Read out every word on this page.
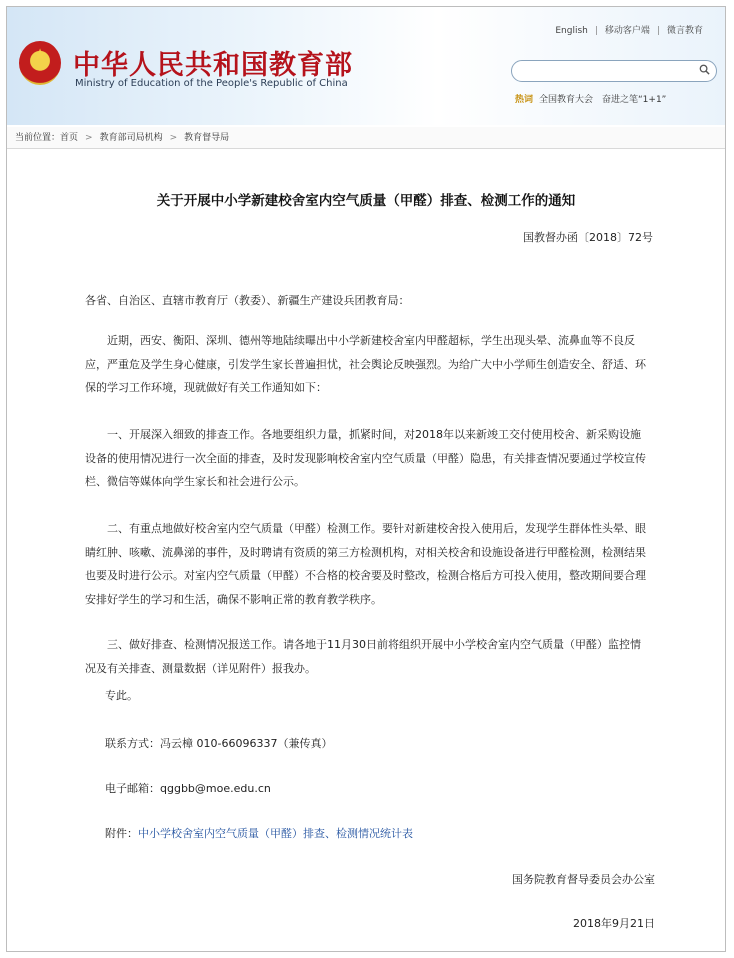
★
中华人民共和国教育部
Ministry of Education of the People's Republic of China
English | 移动客户端 | 微言教育
热词 全国教育大会　奋进之笔“1+1”
当前位置：首页 > 教育部司局机构 > 教育督导局
关于开展中小学新建校舍室内空气质量（甲醛）排查、检测工作的通知
国教督办函〔2018〕72号

各省、自治区、直辖市教育厅（教委）、新疆生产建设兵团教育局：

近期，西安、衡阳、深圳、德州等地陆续曝出中小学新建校舍室内甲醛超标，学生出现头晕、流鼻血等不良反应，严重危及学生身心健康，引发学生家长普遍担忧，社会舆论反映强烈。为给广大中小学师生创造安全、舒适、环保的学习工作环境，现就做好有关工作通知如下：

一、开展深入细致的排查工作。各地要组织力量，抓紧时间，对2018年以来新竣工交付使用校舍、新采购设施设备的使用情况进行一次全面的排查，及时发现影响校舍室内空气质量（甲醛）隐患，有关排查情况要通过学校宣传栏、微信等媒体向学生家长和社会进行公示。

二、有重点地做好校舍室内空气质量（甲醛）检测工作。要针对新建校舍投入使用后，发现学生群体性头晕、眼睛红肿、咳嗽、流鼻涕的事件，及时聘请有资质的第三方检测机构，对相关校舍和设施设备进行甲醛检测，检测结果也要及时进行公示。对室内空气质量（甲醛）不合格的校舍要及时整改，检测合格后方可投入使用，整改期间要合理安排好学生的学习和生活，确保不影响正常的教育教学秩序。

三、做好排查、检测情况报送工作。请各地于11月30日前将组织开展中小学校舍室内空气质量（甲醛）监控情况及有关排查、测量数据（详见附件）报我办。

专此。
联系方式：冯云樟 010-66096337（兼传真）
电子邮箱：qggbb@moe.edu.cn
附件：中小学校舍室内空气质量（甲醛）排查、检测情况统计表
国务院教育督导委员会办公室
2018年9月21日
